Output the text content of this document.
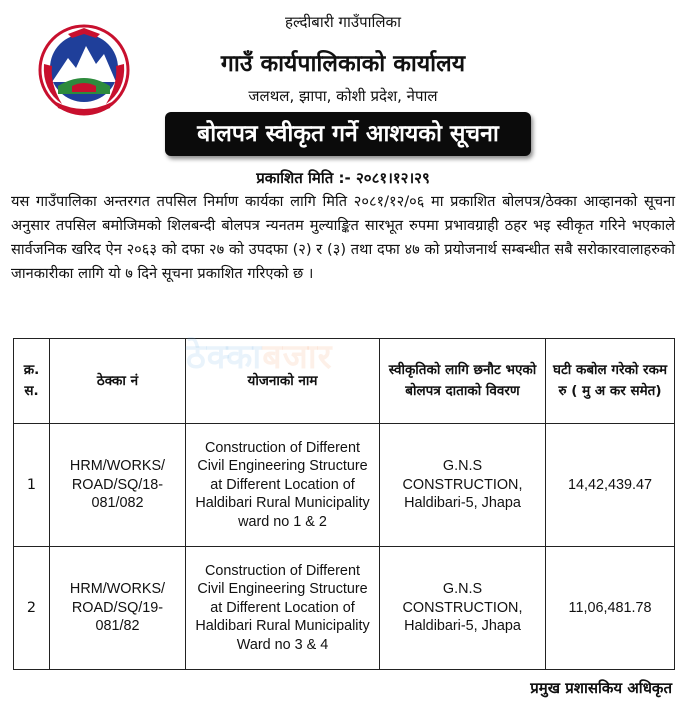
हल्दीबारी गाउँपालिका
गाउँ कार्यपालिकाको कार्यालय
जलथल, झापा, कोशी प्रदेश, नेपाल
बोलपत्र स्वीकृत गर्ने आशयको सूचना
प्रकाशित मिति :- २०८१।१२।२९
यस गाउँपालिका अन्तरगत तपसिल निर्माण कार्यका लागि मिति २०८१/१२/०६ मा प्रकाशित बोलपत्र/ठेक्का आव्हानको सूचना अनुसार तपसिल बमोजिमको शिलबन्दी बोलपत्र न्यनतम मुल्याङ्कित सारभूत रुपमा प्रभावग्राही ठहर भइ स्वीकृत गरिने भएकाले सार्वजनिक खरिद ऐन २०६३ को दफा २७ को उपदफा (२) र (३) तथा दफा ४७ को प्रयोजनार्थ सम्बन्धीत सबै सरोकारवालाहरुको जानकारीका लागि यो ७ दिने सूचना प्रकाशित गरिएको छ ।
क्र. स.	ठेक्का नं	योजनाको नाम	स्वीकृतिको लागि छनौट भएको बोलपत्र दाताको विवरण	घटी कबोल गरेको रकम रु ( मु अ कर समेत)
1	HRM/WORKS/ ROAD/SQ/18- 081/082	Construction of Different Civil Engineering Structure at Different Location of Haldibari Rural Municipality ward no 1 & 2	G.N.S CONSTRUCTION, Haldibari-5, Jhapa	14,42,439.47
2	HRM/WORKS/ ROAD/SQ/19- 081/82	Construction of Different Civil Engineering Structure at Different Location of Haldibari Rural Municipality Ward no 3 & 4	G.N.S CONSTRUCTION, Haldibari-5, Jhapa	11,06,481.78
ठेक्काबजार
प्रमुख प्रशासकिय अधिकृत
